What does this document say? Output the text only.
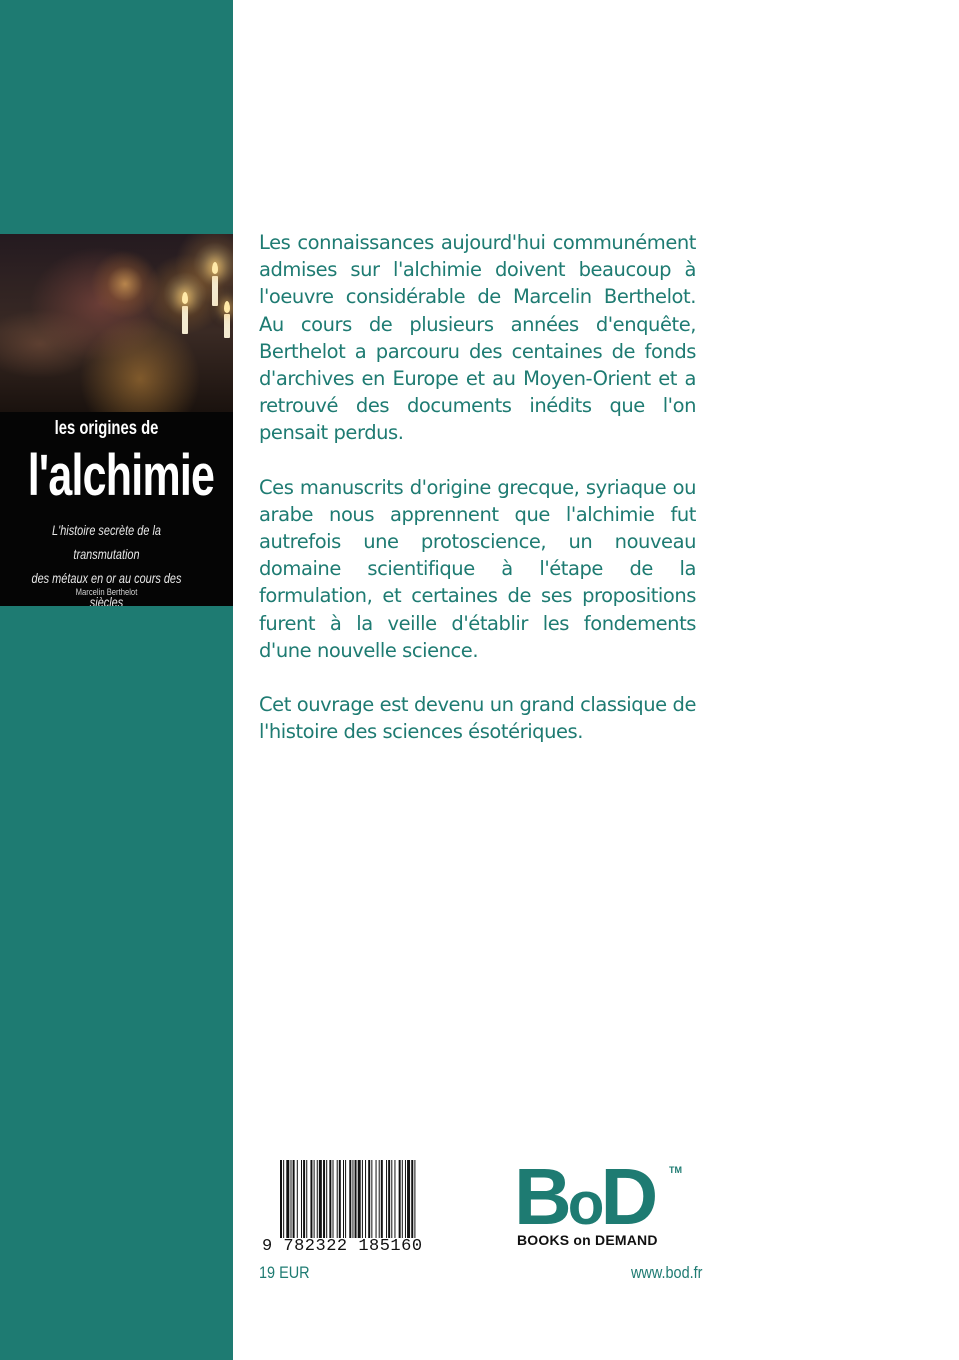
les origines de
l'alchimie
L'histoire secrète de la transmutation
des métaux en or au cours des siècles
Marcelin Berthelot

Les connaissances aujourd'hui communément admises sur l'alchimie doivent beaucoup à l'oeuvre considérable de Marcelin Berthelot. Au cours de plusieurs années d'enquête, Berthelot a parcouru des centaines de fonds d'archives en Europe et au Moyen-Orient et a retrouvé des documents inédits que l'on pensait perdus.

Ces manuscrits d'origine grecque, syriaque ou arabe nous apprennent que l'alchimie fut autrefois une protoscience, un nouveau domaine scientifique à l'étape de la formulation, et certaines de ses propositions furent à la veille d'établir les fondements d'une nouvelle science.

Cet ouvrage est devenu un grand classique de l'histoire des sciences ésotériques.

9 782322 185160
19 EUR
BoD TM
BOOKS on DEMAND
www.bod.fr
